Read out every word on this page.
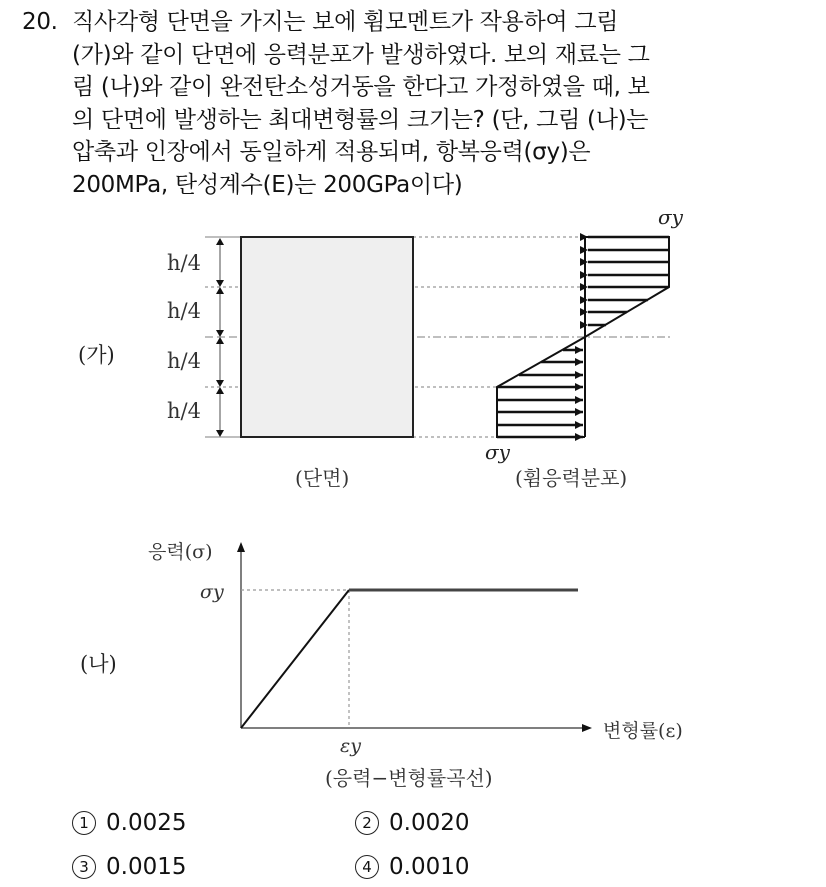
20. 직사각형 단면을 가지는 보에 휨모멘트가 작용하여 그림
(가)와 같이 단면에 응력분포가 발생하였다. 보의 재료는 그
림 (나)와 같이 완전탄소성거동을 한다고 가정하였을 때, 보
의 단면에 발생하는 최대변형률의 크기는? (단, 그림 (나)는
압축과 인장에서 동일하게 적용되며, 항복응력(σy)은
200MPa, 탄성계수(E)는 200GPa이다)
(가)
h/4
h/4
h/4
h/4
(단면)
σy
σy
(휨응력분포)
(나)
응력(σ)
σy
변형률(ε)
εy
(응력−변형률곡선)
1 0.0025	2 0.0020
3 0.0015	4 0.0010
